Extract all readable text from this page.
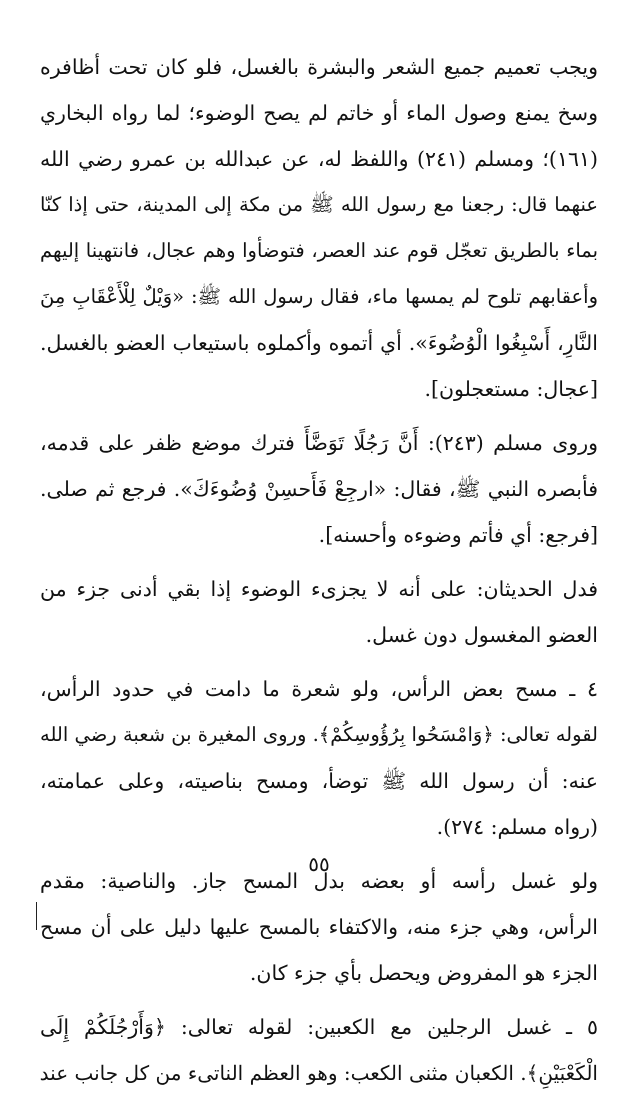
ويجب تعميم جميع الشعر والبشرة بالغسل، فلو كان تحت أظافره
وسخ يمنع وصول الماء أو خاتم لم يصح الوضوء؛ لما رواه البخاري
(١٦١)؛ ومسلم (٢٤١) واللفظ له، عن عبدالله بن عمرو رضي الله
عنهما قال: رجعنا مع رسول الله ﷺ من مكة إلى المدينة، حتى إذا كنّا
بماء بالطريق تعجّل قوم عند العصر، فتوضأوا وهم عجال، فانتهينا إليهم
وأعقابهم تلوح لم يمسها ماء، فقال رسول الله ﷺ: «وَيْلٌ لِلْأَعْقَابِ مِنَ
النَّارِ، أَسْبِغُوا الْوُضُوءَ». أي أتموه وأكملوه باستيعاب العضو بالغسل.
[عجال: مستعجلون].
وروى مسلم (٢٤٣): أَنَّ رَجُلًا تَوَضَّأَ فترك موضع ظفر على قدمه،
فأبصره النبي ﷺ، فقال: «ارجِعْ فَأَحسِنْ وُضُوءَكَ». فرجع ثم صلى.
[فرجع: أي فأتم وضوءه وأحسنه].
فدل الحديثان: على أنه لا يجزىء الوضوء إذا بقي أدنى جزء من
العضو المغسول دون غسل.
٤ ـ مسح بعض الرأس، ولو شعرة ما دامت في حدود الرأس،
لقوله تعالى: ﴿وَامْسَحُوا بِرُؤُوسِكُمْ﴾. وروى المغيرة بن شعبة رضي الله
عنه: أن رسول الله ﷺ توضأ، ومسح بناصيته، وعلى عمامته،
(رواه مسلم: ٢٧٤).
ولو غسل رأسه أو بعضه بدل المسح جاز. والناصية: مقدم
الرأس، وهي جزء منه، والاكتفاء بالمسح عليها دليل على أن مسح
الجزء هو المفروض ويحصل بأي جزء كان.
٥ ـ غسل الرجلين مع الكعبين: لقوله تعالى: ﴿وَأَرْجُلَكُمْ إِلَى
الْكَعْبَيْنِ﴾. الكعبان مثنى الكعب: وهو العظم الناتىء من كل جانب عند
٥٥
